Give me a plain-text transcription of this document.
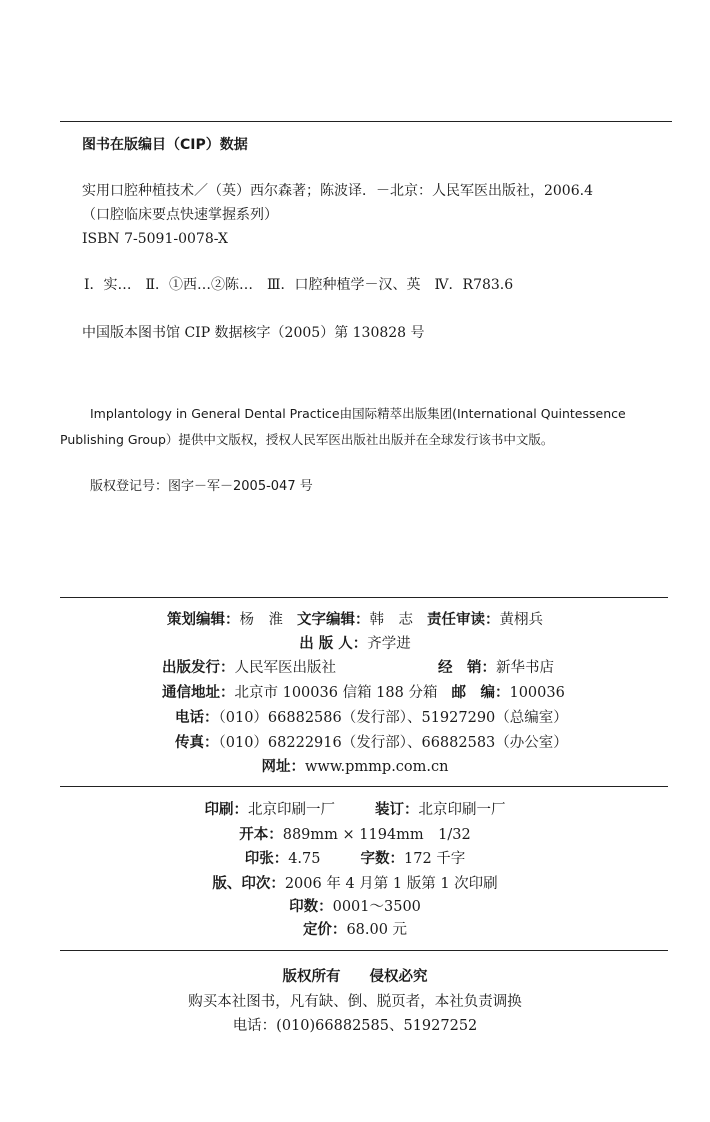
图书在版编目（CIP）数据
实用口腔种植技术／（英）西尔森著；陈波译．－北京：人民军医出版社，2006.4
（口腔临床要点快速掌握系列）
ISBN 7-5091-0078-X
Ⅰ．实…　Ⅱ．①西…②陈…　Ⅲ．口腔种植学－汉、英　Ⅳ．R783.6
中国版本图书馆 CIP 数据核字（2005）第 130828 号
Implantology in General Dental Practice由国际精萃出版集团(International Quintessence
Publishing Group）提供中文版权，授权人民军医出版社出版并在全球发行该书中文版。
版权登记号：图字－军－2005-047 号
策划编辑：杨　淮 文字编辑：韩　志 责任审读：黄栩兵
出 版 人：齐学进
出版发行：人民军医出版社	经　销：新华书店
通信地址：北京市 100036 信箱 188 分箱 邮　编：100036
电话：（010）66882586（发行部）、51927290（总编室）
传真：（010）68222916（发行部）、66882583（办公室）
网址：www.pmmp.com.cn
印刷：北京印刷一厂	装订：北京印刷一厂
开本：889mm × 1194mm　1/32
印张：4.75	字数：172 千字
版、印次：2006 年 4 月第 1 版第 1 次印刷
印数：0001～3500
定价：68.00 元
版权所有　　侵权必究
购买本社图书，凡有缺、倒、脱页者，本社负责调换
电话：(010)66882585、51927252
